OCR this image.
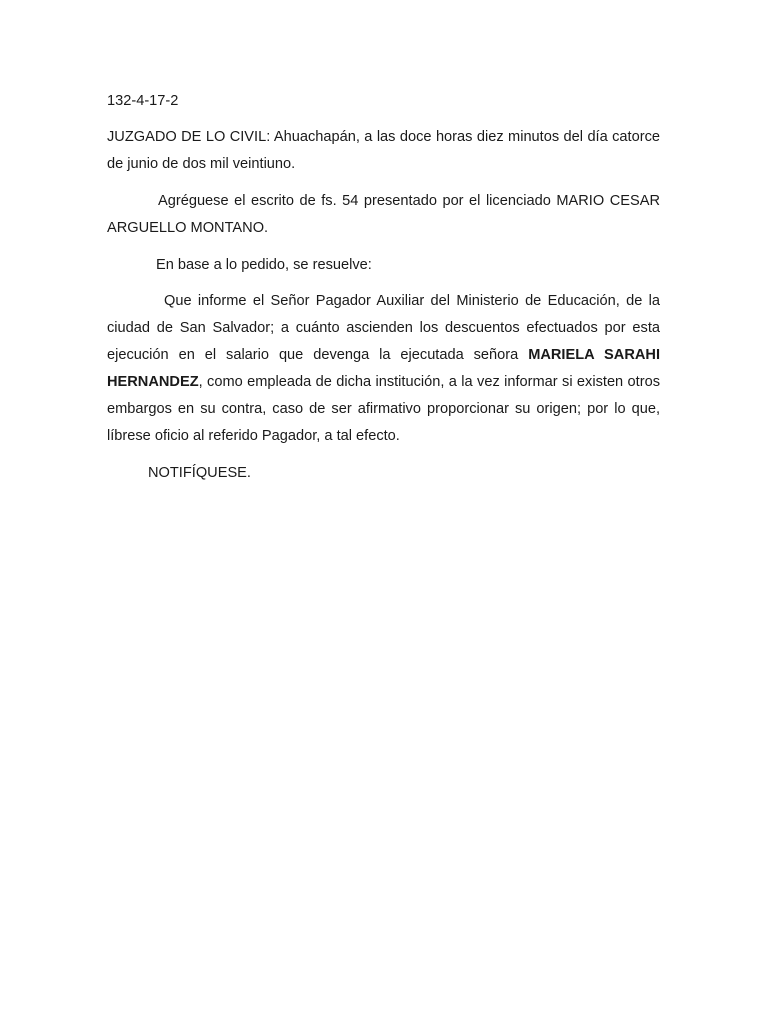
132-4-17-2
JUZGADO DE LO CIVIL: Ahuachapán, a las doce horas diez minutos del día catorce de junio de dos mil veintiuno.
Agréguese el escrito de fs. 54 presentado por el licenciado MARIO CESAR ARGUELLO MONTANO.
En base a lo pedido, se resuelve:
Que informe el Señor Pagador Auxiliar del Ministerio de Educación, de la ciudad de San Salvador; a cuánto ascienden los descuentos efectuados por esta ejecución en el salario que devenga la ejecutada señora MARIELA SARAHI HERNANDEZ, como empleada de dicha institución, a la vez informar si existen otros embargos en su contra, caso de ser afirmativo proporcionar su origen; por lo que, líbrese oficio al referido Pagador, a tal efecto.
NOTIFÍQUESE.
